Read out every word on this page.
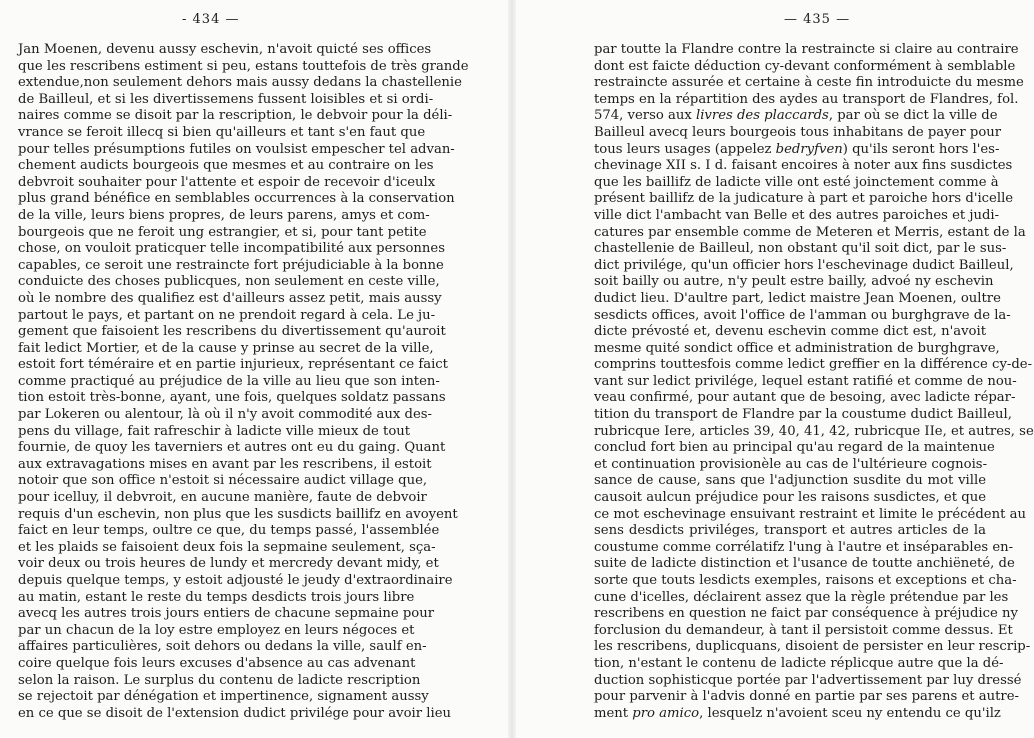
- 434 —
Jan Moenen, devenu aussy eschevin, n'avoit quicté ses offices
que les rescribens estiment si peu, estans touttefois de très grande
extendue,non seulement dehors mais aussy dedans la chastellenie
de Bailleul, et si les divertissemens fussent loisibles et si ordi-
naires comme se disoit par la rescription, le debvoir pour la déli-
vrance se feroit illecq si bien qu'ailleurs et tant s'en faut que
pour telles présumptions futiles on voulsist empescher tel advan-
chement audicts bourgeois que mesmes et au contraire on les
debvroit souhaiter pour l'attente et espoir de recevoir d'iceulx
plus grand bénéfice en semblables occurrences à la conservation
de la ville, leurs biens propres, de leurs parens, amys et com-
bourgeois que ne feroit ung estrangier, et si, pour tant petite
chose, on vouloit praticquer telle incompatibilité aux personnes
capables, ce seroit une restraincte fort préjudiciable à la bonne
conduicte des choses publicques, non seulement en ceste ville,
où le nombre des qualifiez est d'ailleurs assez petit, mais aussy
partout le pays, et partant on ne prendoit regard à cela. Le ju-
gement que faisoient les rescribens du divertissement qu'auroit
fait ledict Mortier, et de la cause y prinse au secret de la ville,
estoit fort téméraire et en partie injurieux, représentant ce faict
comme practiqué au préjudice de la ville au lieu que son inten-
tion estoit très-bonne, ayant, une fois, quelques soldatz passans
par Lokeren ou alentour, là où il n'y avoit commodité aux des-
pens du village, fait rafreschir à ladicte ville mieux de tout
fournie, de quoy les taverniers et autres ont eu du gaing. Quant
aux extravagations mises en avant par les rescribens, il estoit
notoir que son office n'estoit si nécessaire audict village que,
pour icelluy, il debvroit, en aucune manière, faute de debvoir
requis d'un eschevin, non plus que les susdicts baillifz en avoyent
faict en leur temps, oultre ce que, du temps passé, l'assemblée
et les plaids se faisoient deux fois la sepmaine seulement, sça-
voir deux ou trois heures de lundy et mercredy devant midy, et
depuis quelque temps, y estoit adjousté le jeudy d'extraordinaire
au matin, estant le reste du temps desdicts trois jours libre
avecq les autres trois jours entiers de chacune sepmaine pour
par un chacun de la loy estre employez en leurs négoces et
affaires particulières, soit dehors ou dedans la ville, saulf en-
coire quelque fois leurs excuses d'absence au cas advenant
selon la raison. Le surplus du contenu de ladicte rescription
se rejectoit par dénégation et impertinence, signament aussy
en ce que se disoit de l'extension dudict privilége pour avoir lieu
— 435 —
par toutte la Flandre contre la restraincte si claire au contraire
dont est faicte déduction cy-devant conformément à semblable
restraincte assurée et certaine à ceste fin introduicte du mesme
temps en la répartition des aydes au transport de Flandres, fol.
574, verso aux livres des placcards, par où se dict la ville de
Bailleul avecq leurs bourgeois tous inhabitans de payer pour
tous leurs usages (appelez bedryfven) qu'ils seront hors l'es-
chevinage XII s. I d. faisant encoires à noter aux fins susdictes
que les baillifz de ladicte ville ont esté joinctement comme à
présent baillifz de la judicature à part et paroiche hors d'icelle
ville dict l'ambacht van Belle et des autres paroiches et judi-
catures par ensemble comme de Meteren et Merris, estant de la
chastellenie de Bailleul, non obstant qu'il soit dict, par le sus-
dict privilége, qu'un officier hors l'eschevinage dudict Bailleul,
soit bailly ou autre, n'y peult estre bailly, advoé ny eschevin
dudict lieu. D'aultre part, ledict maistre Jean Moenen, oultre
sesdicts offices, avoit l'office de l'amman ou burghgrave de la-
dicte prévosté et, devenu eschevin comme dict est, n'avoit
mesme quité sondict office et administration de burghgrave,
comprins touttesfois comme ledict greffier en la différence cy-de-
vant sur ledict privilége, lequel estant ratifié et comme de nou-
veau confirmé, pour autant que de besoing, avec ladicte répar-
tition du transport de Flandre par la coustume dudict Bailleul,
rubricque Iere, articles 39, 40, 41, 42, rubricque IIe, et autres, se
conclud fort bien au principal qu'au regard de la maintenue
et continuation provisionèle au cas de l'ultérieure cognois-
sance de cause, sans que l'adjunction susdite du mot ville
causoit aulcun préjudice pour les raisons susdictes, et que
ce mot eschevinage ensuivant restraint et limite le précédent au
sens desdicts priviléges, transport et autres articles de la
coustume comme corrélatifz l'ung à l'autre et inséparables en-
suite de ladicte distinction et l'usance de toutte anchiëneté, de
sorte que touts lesdicts exemples, raisons et exceptions et cha-
cune d'icelles, déclairent assez que la règle prétendue par les
rescribens en question ne faict par conséquence à préjudice ny
forclusion du demandeur, à tant il persistoit comme dessus. Et
les rescribens, duplicquans, disoient de persister en leur rescrip-
tion, n'estant le contenu de ladicte réplicque autre que la dé-
duction sophisticque portée par l'advertissement par luy dressé
pour parvenir à l'advis donné en partie par ses parens et autre-
ment pro amico, lesquelz n'avoient sceu ny entendu ce qu'ilz
